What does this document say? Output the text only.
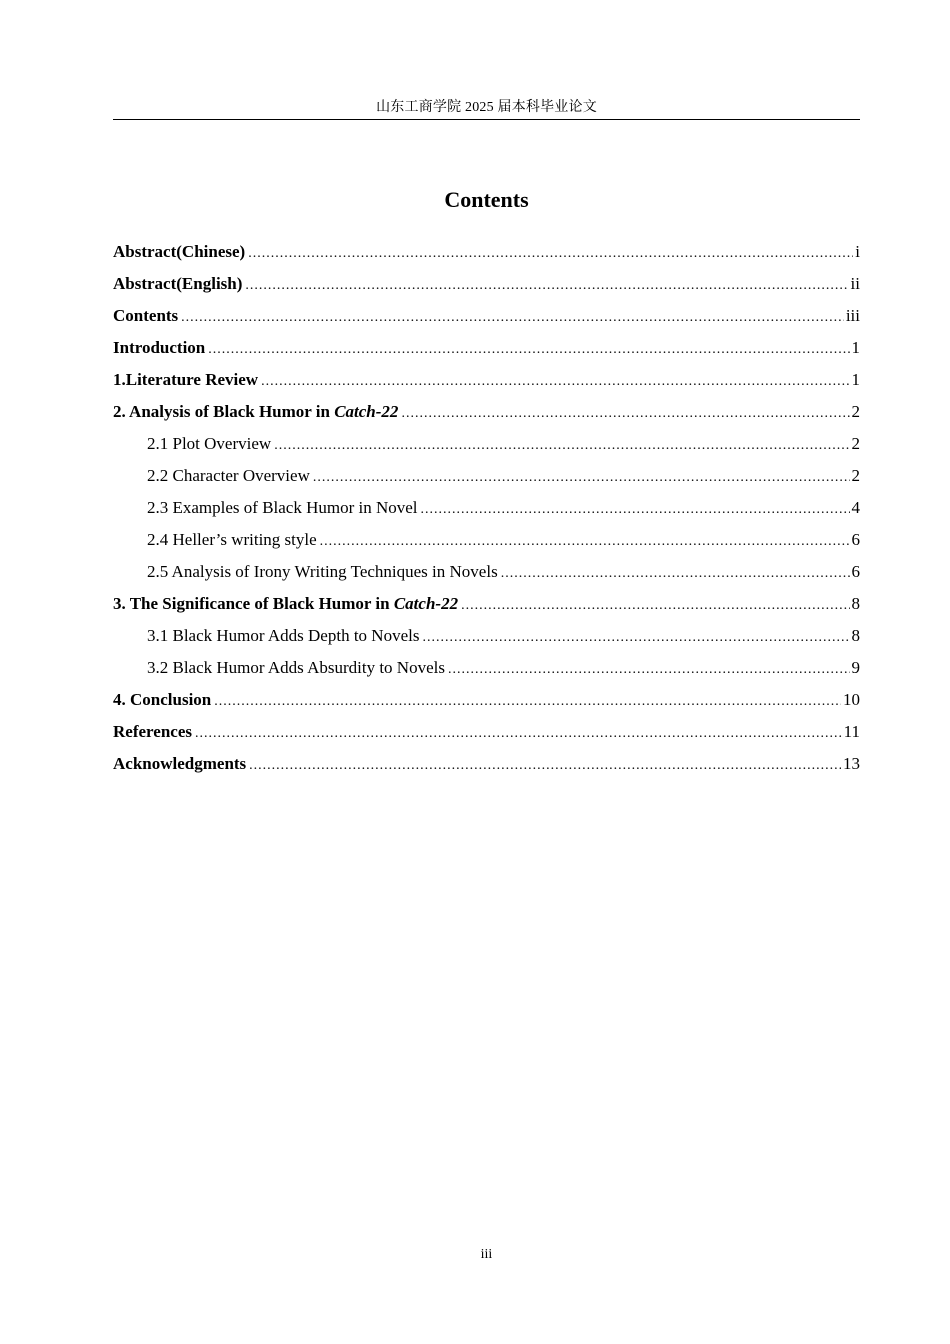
山东工商学院 2025 届本科毕业论文
Contents
Abstract(Chinese) .....	i
Abstract(English) .....	ii
Contents .....	iii
Introduction .....	1
1.Literature Review .....	1
2. Analysis of Black Humor in Catch-22 .....	2
2.1 Plot Overview .....	2
2.2 Character Overview .....	2
2.3 Examples of Black Humor in Novel .....	4
2.4 Heller’s writing style .....	6
2.5 Analysis of Irony Writing Techniques in Novels .....	6
3. The Significance of Black Humor in Catch-22 .....	8
3.1 Black Humor Adds Depth to Novels .....	8
3.2 Black Humor Adds Absurdity to Novels .....	9
4. Conclusion .....	10
References .....	11
Acknowledgments .....	13
iii
